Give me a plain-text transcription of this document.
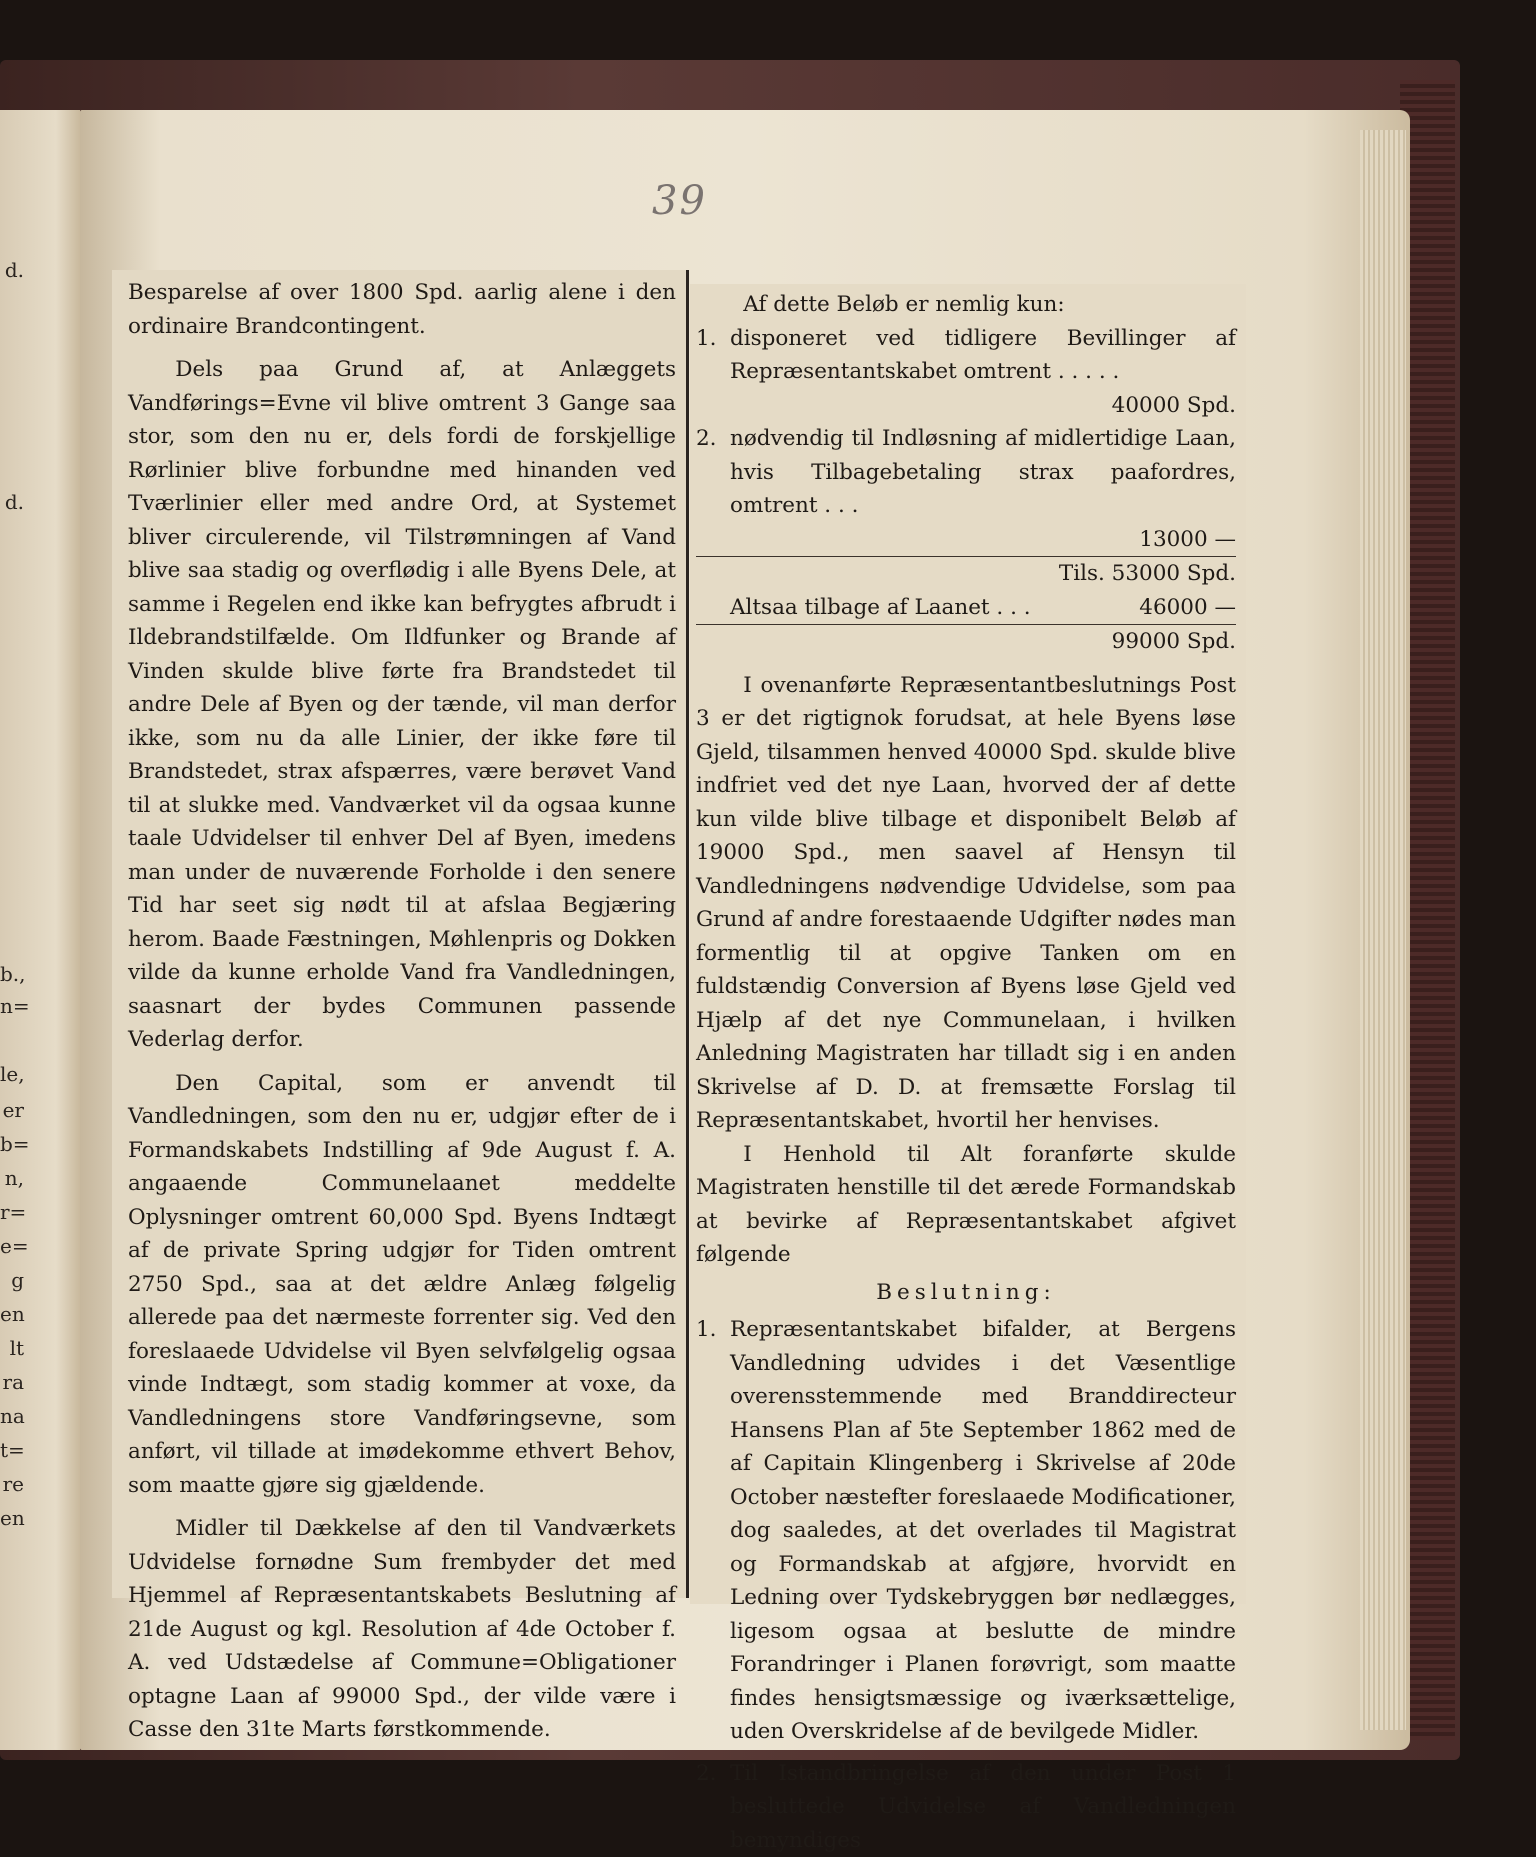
39
d.
d.
b.,
n=
le,
er
b=
n,
r=
e=
g
en
lt
ra
na
t=
re
en

Besparelse af over 1800 Spd. aarlig alene i den ordinaire Brandcontingent.

Dels paa Grund af, at Anlæggets Vandførings=Evne vil blive omtrent 3 Gange saa stor, som den nu er, dels fordi de forskjellige Rørlinier blive forbundne med hinanden ved Tværlinier eller med andre Ord, at Systemet bliver circulerende, vil Tilstrømningen af Vand blive saa stadig og overflødig i alle Byens Dele, at samme i Regelen end ikke kan befrygtes afbrudt i Ildebrandstilfælde. Om Ildfunker og Brande af Vinden skulde blive førte fra Brandstedet til andre Dele af Byen og der tænde, vil man derfor ikke, som nu da alle Linier, der ikke føre til Brandstedet, strax afspærres, være berøvet Vand til at slukke med. Vandværket vil da ogsaa kunne taale Udvidelser til enhver Del af Byen, imedens man under de nuværende Forholde i den senere Tid har seet sig nødt til at afslaa Begjæring herom. Baade Fæstningen, Møhlenpris og Dokken vilde da kunne erholde Vand fra Vandledningen, saasnart der bydes Communen passende Vederlag derfor.

Den Capital, som er anvendt til Vandledningen, som den nu er, udgjør efter de i Formandskabets Indstilling af 9de August f. A. angaaende Communelaanet meddelte Oplysninger omtrent 60,000 Spd. Byens Indtægt af de private Spring udgjør for Tiden omtrent 2750 Spd., saa at det ældre Anlæg følgelig allerede paa det nærmeste forrenter sig. Ved den foreslaaede Udvidelse vil Byen selvfølgelig ogsaa vinde Indtægt, som stadig kommer at voxe, da Vandledningens store Vandføringsevne, som anført, vil tillade at imødekomme ethvert Behov, som maatte gjøre sig gjældende.

Midler til Dækkelse af den til Vandværkets Udvidelse fornødne Sum frembyder det med Hjemmel af Repræsentantskabets Beslutning af 21de August og kgl. Resolution af 4de October f. A. ved Udstædelse af Commune=Obligationer optagne Laan af 99000 Spd., der vilde være i Casse den 31te Marts førstkommende.

Af dette Beløb er nemlig kun:

1. disponeret ved tidligere Bevillinger af Repræsentantskabet omtrent . . . . .
40000 Spd.
2. nødvendig til Indløsning af midlertidige Laan, hvis Tilbagebetaling strax paafordres, omtrent . . .
13000 —
Tils. 53000 Spd.
Altsaa tilbage af Laanet . . .	46000 —
99000 Spd.

I ovenanførte Repræsentantbeslutnings Post 3 er det rigtignok forudsat, at hele Byens løse Gjeld, tilsammen henved 40000 Spd. skulde blive indfriet ved det nye Laan, hvorved der af dette kun vilde blive tilbage et disponibelt Beløb af 19000 Spd., men saavel af Hensyn til Vandledningens nødvendige Udvidelse, som paa Grund af andre forestaaende Udgifter nødes man formentlig til at opgive Tanken om en fuldstændig Conversion af Byens løse Gjeld ved Hjælp af det nye Communelaan, i hvilken Anledning Magistraten har tilladt sig i en anden Skrivelse af D. D. at fremsætte Forslag til Repræsentantskabet, hvortil her henvises.

I Henhold til Alt foranførte skulde Magistraten henstille til det ærede Formandskab at bevirke af Repræsentantskabet afgivet følgende

Beslutning:
1. Repræsentantskabet bifalder, at Bergens Vandledning udvides i det Væsentlige overensstemmende med Branddirecteur Hansens Plan af 5te September 1862 med de af Capitain Klingenberg i Skrivelse af 20de October næstefter foreslaaede Modificationer, dog saaledes, at det overlades til Magistrat og Formandskab at afgjøre, hvorvidt en Ledning over Tydskebryggen bør nedlægges, ligesom ogsaa at beslutte de mindre Forandringer i Planen forøvrigt, som maatte findes hensigtsmæssige og iværksættelige, uden Overskridelse af de bevilgede Midler.
2. Til Istandbringelse af den under Post 1 besluttede Udvidelse af Vandledningen bemyndiges
